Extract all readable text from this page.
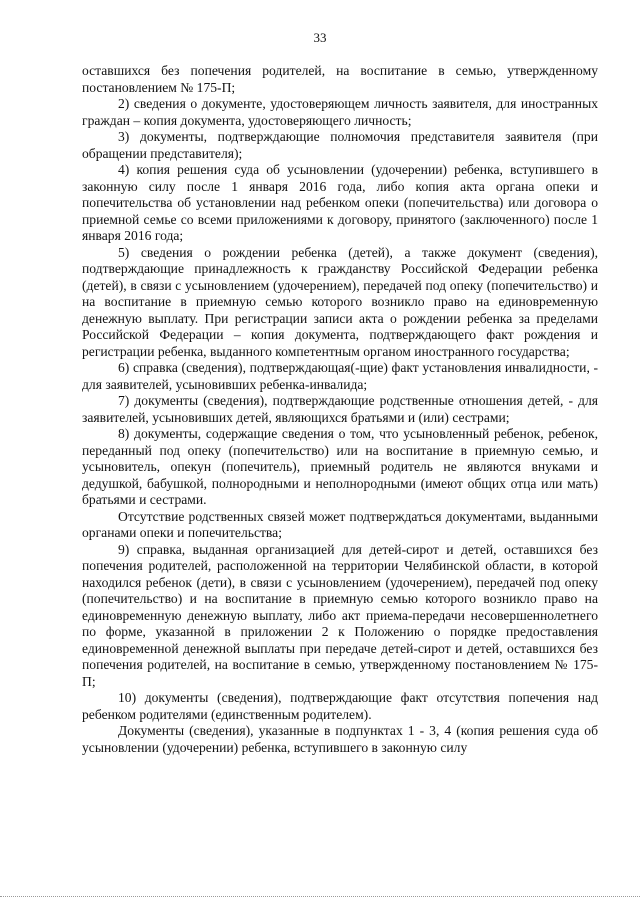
33

оставшихся без попечения родителей, на воспитание в семью, утвержденному постановлением № 175-П;

2) сведения о документе, удостоверяющем личность заявителя, для иностранных граждан – копия документа, удостоверяющего личность;

3) документы, подтверждающие полномочия представителя заявителя (при обращении представителя);

4) копия решения суда об усыновлении (удочерении) ребенка, вступившего в законную силу после 1 января 2016 года, либо копия акта органа опеки и попечительства об установлении над ребенком опеки (попечительства) или договора о приемной семье со всеми приложениями к договору, принятого (заключенного) после 1 января 2016 года;

5) сведения о рождении ребенка (детей), а также документ (сведения), подтверждающие принадлежность к гражданству Российской Федерации ребенка (детей), в связи с усыновлением (удочерением), передачей под опеку (попечительство) и на воспитание в приемную семью которого возникло право на единовременную денежную выплату. При регистрации записи акта о рождении ребенка за пределами Российской Федерации – копия документа, подтверждающего факт рождения и регистрации ребенка, выданного компетентным органом иностранного государства;

6) справка (сведения), подтверждающая(-щие) факт установления инвалидности, - для заявителей, усыновивших ребенка-инвалида;

7) документы (сведения), подтверждающие родственные отношения детей, - для заявителей, усыновивших детей, являющихся братьями и (или) сестрами;

8) документы, содержащие сведения о том, что усыновленный ребенок, ребенок, переданный под опеку (попечительство) или на воспитание в приемную семью, и усыновитель, опекун (попечитель), приемный родитель не являются внуками и дедушкой, бабушкой, полнородными и неполнородными (имеют общих отца или мать) братьями и сестрами.

Отсутствие родственных связей может подтверждаться документами, выданными органами опеки и попечительства;

9) справка, выданная организацией для детей-сирот и детей, оставшихся без попечения родителей, расположенной на территории Челябинской области, в которой находился ребенок (дети), в связи с усыновлением (удочерением), передачей под опеку (попечительство) и на воспитание в приемную семью которого возникло право на единовременную денежную выплату, либо акт приема-передачи несовершеннолетнего по форме, указанной в приложении 2 к Положению о порядке предоставления единовременной денежной выплаты при передаче детей-сирот и детей, оставшихся без попечения родителей, на воспитание в семью, утвержденному постановлением № 175-П;

10) документы (сведения), подтверждающие факт отсутствия попечения над ребенком родителями (единственным родителем).

Документы (сведения), указанные в подпунктах 1 - 3, 4 (копия решения суда об усыновлении (удочерении) ребенка, вступившего в законную силу
